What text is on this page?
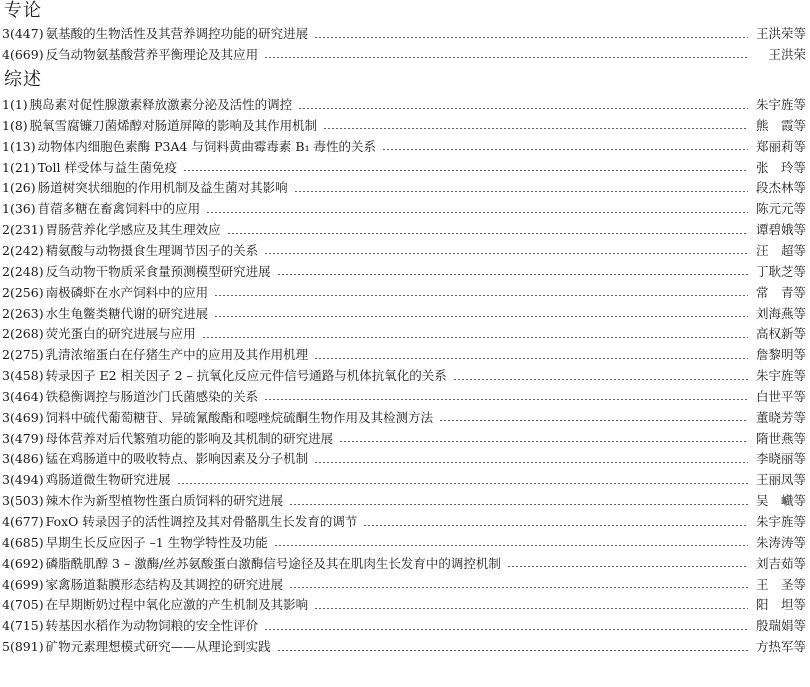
专论
3(447) 氨基酸的生物活性及其营养调控功能的研究进展	王洪荣等
4(669) 反刍动物氨基酸营养平衡理论及其应用	王洪荣
综述
1(1) 胰岛素对促性腺激素释放激素分泌及活性的调控	朱宇旌等
1(8) 脱氧雪腐镰刀菌烯醇对肠道屏障的影响及其作用机制	熊　霞等
1(13) 动物体内细胞色素酶 P3A4 与饲料黄曲霉毒素 B₁ 毒性的关系	郑丽莉等
1(21) Toll 样受体与益生菌免疫	张　玲等
1(26) 肠道树突状细胞的作用机制及益生菌对其影响	段杰林等
1(36) 苜蓿多糖在畜禽饲料中的应用	陈元元等
2(231) 胃肠营养化学感应及其生理效应	谭碧娥等
2(242) 精氨酸与动物摄食生理调节因子的关系	汪　超等
2(248) 反刍动物干物质采食量预测模型研究进展	丁耿芝等
2(256) 南极磷虾在水产饲料中的应用	常　青等
2(263) 水生龟鳖类糖代谢的研究进展	刘海燕等
2(268) 荧光蛋白的研究进展与应用	高权新等
2(275) 乳清浓缩蛋白在仔猪生产中的应用及其作用机理	詹黎明等
3(458) 转录因子 E2 相关因子 2 – 抗氧化反应元件信号通路与机体抗氧化的关系	朱宇旌等
3(464) 铁稳衡调控与肠道沙门氏菌感染的关系	白世平等
3(469) 饲料中硫代葡萄糖苷、异硫氰酸酯和噁唑烷硫酮生物作用及其检测方法	董晓芳等
3(479) 母体营养对后代繁殖功能的影响及其机制的研究进展	隋世燕等
3(486) 锰在鸡肠道中的吸收特点、影响因素及分子机制	李晓丽等
3(494) 鸡肠道微生物研究进展	王丽凤等
3(503) 辣木作为新型植物性蛋白质饲料的研究进展	吴　巇等
4(677) FoxO 转录因子的活性调控及其对骨骼肌生长发育的调节	朱宇旌等
4(685) 早期生长反应因子 –1 生物学特性及功能	朱涛涛等
4(692) 磷脂酰肌醇 3 – 激酶/丝苏氨酸蛋白激酶信号途径及其在肌肉生长发育中的调控机制	刘吉茹等
4(699) 家禽肠道黏膜形态结构及其调控的研究进展	王　圣等
4(705) 在早期断奶过程中氧化应激的产生机制及其影响	阳　坦等
4(715) 转基因水稻作为动物饲粮的安全性评价	殷瑞娟等
5(891) 矿物元素理想模式研究——从理论到实践	方热军等
